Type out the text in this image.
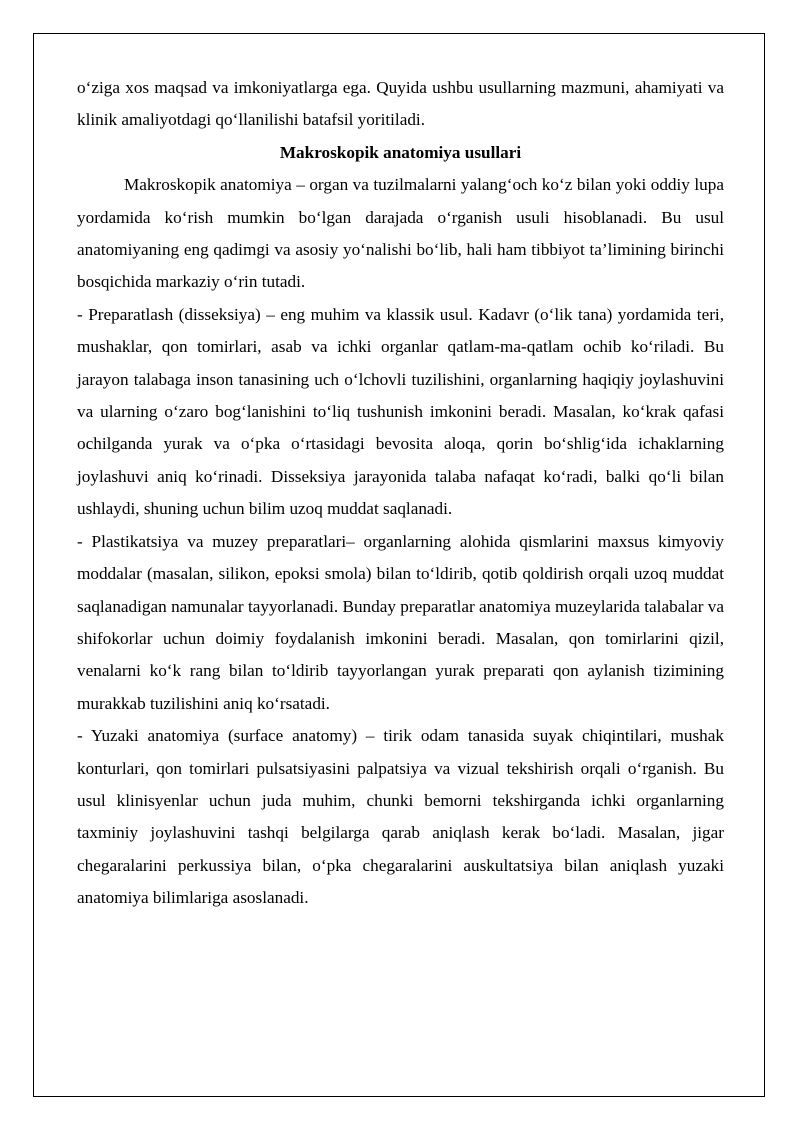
o‘ziga xos maqsad va imkoniyatlarga ega. Quyida ushbu usullarning mazmuni, ahamiyati va klinik amaliyotdagi qo‘llanilishi batafsil yoritiladi.

Makroskopik anatomiya usullari

Makroskopik anatomiya – organ va tuzilmalarni yalang‘och ko‘z bilan yoki oddiy lupa yordamida ko‘rish mumkin bo‘lgan darajada o‘rganish usuli hisoblanadi. Bu usul anatomiyaning eng qadimgi va asosiy yo‘nalishi bo‘lib, hali ham tibbiyot ta’limining birinchi bosqichida markaziy o‘rin tutadi.

- Preparatlash (disseksiya) – eng muhim va klassik usul. Kadavr (o‘lik tana) yordamida teri, mushaklar, qon tomirlari, asab va ichki organlar qatlam-ma-qatlam ochib ko‘riladi. Bu jarayon talabaga inson tanasining uch o‘lchovli tuzilishini, organlarning haqiqiy joylashuvini va ularning o‘zaro bog‘lanishini to‘liq tushunish imkonini beradi. Masalan, ko‘krak qafasi ochilganda yurak va o‘pka o‘rtasidagi bevosita aloqa, qorin bo‘shlig‘ida ichaklarning joylashuvi aniq ko‘rinadi. Disseksiya jarayonida talaba nafaqat ko‘radi, balki qo‘li bilan ushlaydi, shuning uchun bilim uzoq muddat saqlanadi.

- Plastikatsiya va muzey preparatlari– organlarning alohida qismlarini maxsus kimyoviy moddalar (masalan, silikon, epoksi smola) bilan to‘ldirib, qotib qoldirish orqali uzoq muddat saqlanadigan namunalar tayyorlanadi. Bunday preparatlar anatomiya muzeylarida talabalar va shifokorlar uchun doimiy foydalanish imkonini beradi. Masalan, qon tomirlarini qizil, venalarni ko‘k rang bilan to‘ldirib tayyorlangan yurak preparati qon aylanish tizimining murakkab tuzilishini aniq ko‘rsatadi.

- Yuzaki anatomiya (surface anatomy) – tirik odam tanasida suyak chiqintilari, mushak konturlari, qon tomirlari pulsatsiyasini palpatsiya va vizual tekshirish orqali o‘rganish. Bu usul klinisyenlar uchun juda muhim, chunki bemorni tekshirganda ichki organlarning taxminiy joylashuvini tashqi belgilarga qarab aniqlash kerak bo‘ladi. Masalan, jigar chegaralarini perkussiya bilan, o‘pka chegaralarini auskultatsiya bilan aniqlash yuzaki anatomiya bilimlariga asoslanadi.
